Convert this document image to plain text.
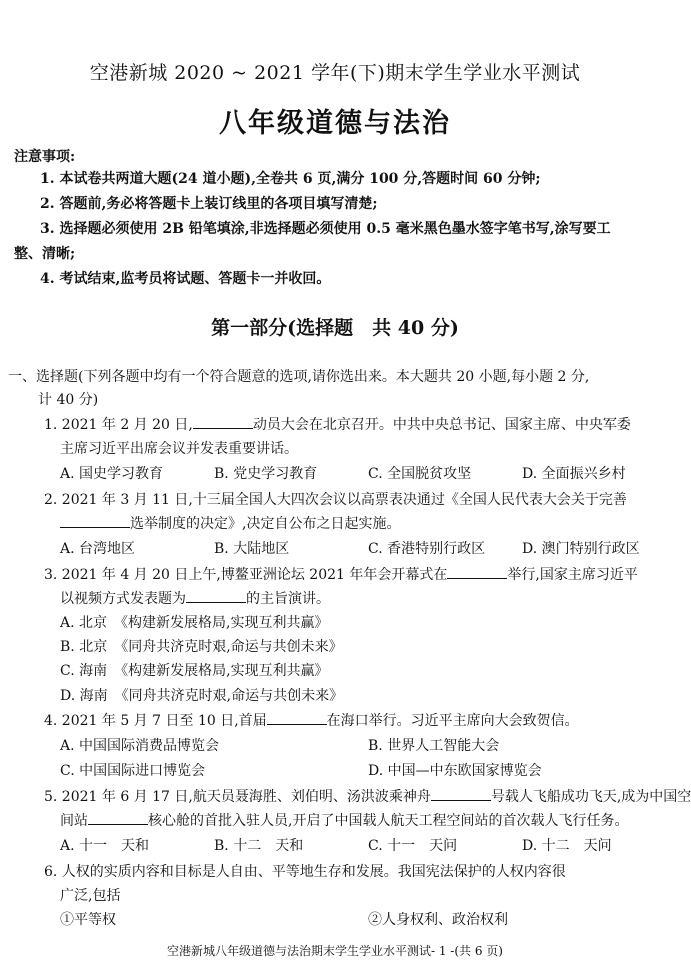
空港新城 2020 ~ 2021 学年(下)期末学生学业水平测试
八年级道德与法治
注意事项:
1. 本试卷共两道大题(24 道小题),全卷共 6 页,满分 100 分,答题时间 60 分钟;
2. 答题前,务必将答题卡上装订线里的各项目填写清楚;
3. 选择题必须使用 2B 铅笔填涂,非选择题必须使用 0.5 毫米黑色墨水签字笔书写,涂写要工
整、清晰;
4. 考试结束,监考员将试题、答题卡一并收回。
第一部分(选择题　共 40 分)
一、选择题(下列各题中均有一个符合题意的选项,请你选出来。本大题共 20 小题,每小题 2 分,
计 40 分)
1. 2021 年 2 月 20 日,	动员大会在北京召开。中共中央总书记、国家主席、中央军委
主席习近平出席会议并发表重要讲话。
A. 国史学习教育	B. 党史学习教育	C. 全国脱贫攻坚	D. 全面振兴乡村
2. 2021 年 3 月 11 日,十三届全国人大四次会议以高票表决通过《全国人民代表大会关于完善
选举制度的决定》,决定自公布之日起实施。
A. 台湾地区	B. 大陆地区	C. 香港特别行政区	D. 澳门特别行政区
3. 2021 年 4 月 20 日上午,博鳌亚洲论坛 2021 年年会开幕式在	举行,国家主席习近平
以视频方式发表题为	的主旨演讲。
A. 北京　《构建新发展格局,实现互利共赢》
B. 北京　《同舟共济克时艰,命运与共创未来》
C. 海南　《构建新发展格局,实现互利共赢》
D. 海南　《同舟共济克时艰,命运与共创未来》
4. 2021 年 5 月 7 日至 10 日,首届	在海口举行。习近平主席向大会致贺信。
A. 中国国际消费品博览会	B. 世界人工智能大会
C. 中国国际进口博览会	D. 中国—中东欧国家博览会
5. 2021 年 6 月 17 日,航天员聂海胜、刘伯明、汤洪波乘神舟	号载人飞船成功飞天,成为中国空
间站	核心舱的首批入驻人员,开启了中国载人航天工程空间站的首次载人飞行任务。
A. 十一　天和	B. 十二　天和	C. 十一　天问	D. 十二　天问
6. 人权的实质内容和目标是人自由、平等地生存和发展。我国宪法保护的人权内容很
广泛,包括
①平等权	②人身权利、政治权利
空港新城八年级道德与法治期末学生学业水平测试- 1 -(共 6 页)
